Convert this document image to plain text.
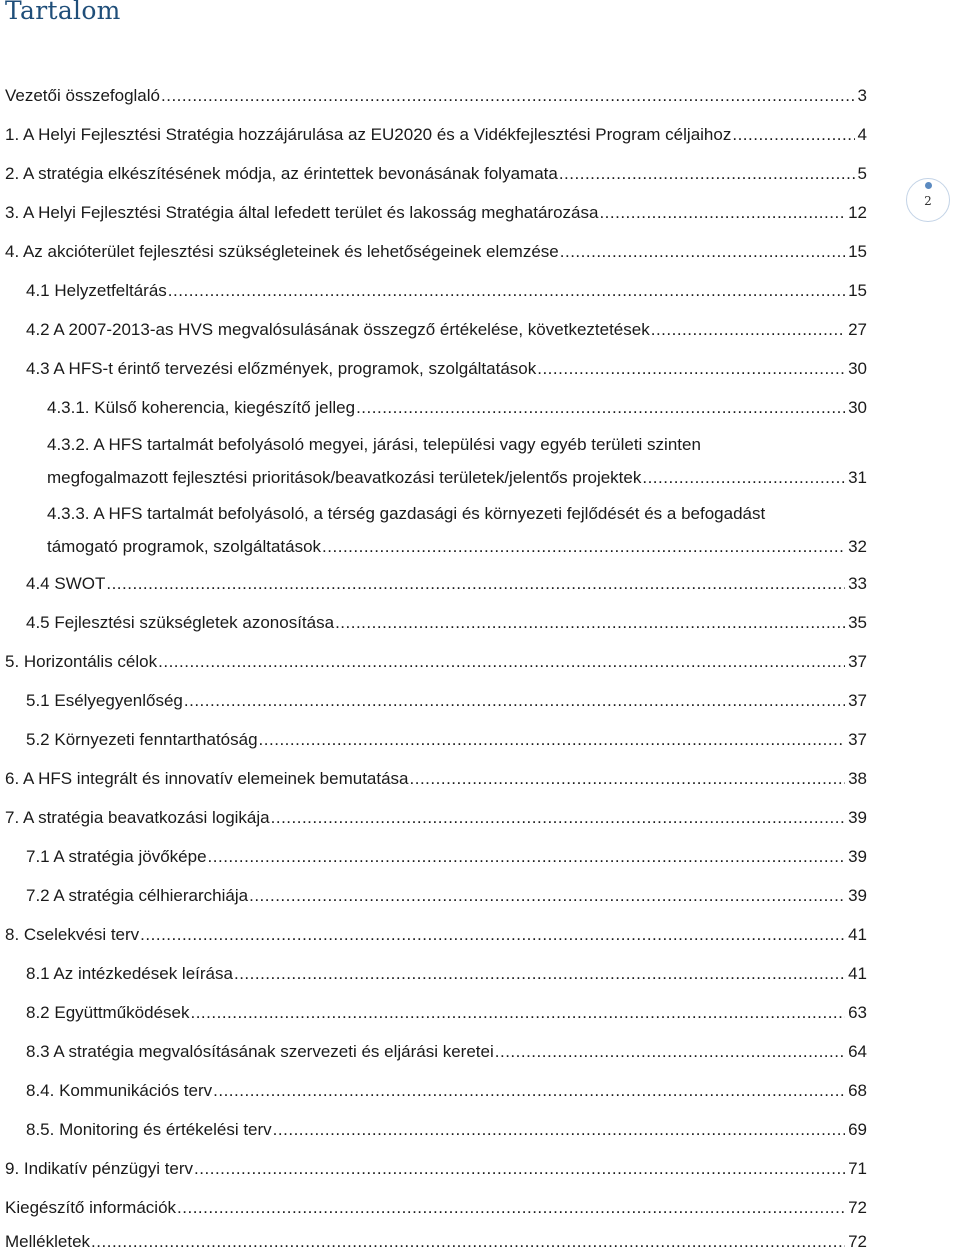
Tartalom
Vezetői összefoglaló .....	3
1. A Helyi Fejlesztési Stratégia hozzájárulása az EU2020 és a Vidékfejlesztési Program céljaihoz .....	4
2. A stratégia elkészítésének módja, az érintettek bevonásának folyamata .....	5
3. A Helyi Fejlesztési Stratégia által lefedett terület és lakosság meghatározása .....	12
4. Az akcióterület fejlesztési szükségleteinek és lehetőségeinek elemzése .....	15
4.1 Helyzetfeltárás .....	15
4.2 A 2007-2013-as HVS megvalósulásának összegző értékelése, következtetések .....	27
4.3 A HFS-t érintő tervezési előzmények, programok, szolgáltatások .....	30
4.3.1. Külső koherencia, kiegészítő jelleg .....	30
4.3.2. A HFS tartalmát befolyásoló megyei, járási, települési vagy egyéb területi szinten
megfogalmazott fejlesztési prioritások/beavatkozási területek/jelentős projektek .....	31
4.3.3. A HFS tartalmát befolyásoló, a térség gazdasági és környezeti fejlődését és a befogadást
támogató programok, szolgáltatások .....	32
4.4 SWOT .....	33
4.5 Fejlesztési szükségletek azonosítása .....	35
5. Horizontális célok .....	37
5.1 Esélyegyenlőség .....	37
5.2 Környezeti fenntarthatóság .....	37
6. A HFS integrált és innovatív elemeinek bemutatása .....	38
7. A stratégia beavatkozási logikája .....	39
7.1 A stratégia jövőképe .....	39
7.2 A stratégia célhierarchiája .....	39
8. Cselekvési terv .....	41
8.1 Az intézkedések leírása .....	41
8.2 Együttműködések .....	63
8.3 A stratégia megvalósításának szervezeti és eljárási keretei .....	64
8.4. Kommunikációs terv .....	68
8.5. Monitoring és értékelési terv .....	69
9. Indikatív pénzügyi terv .....	71
Kiegészítő információk .....	72
Mellékletek .....	72
2
